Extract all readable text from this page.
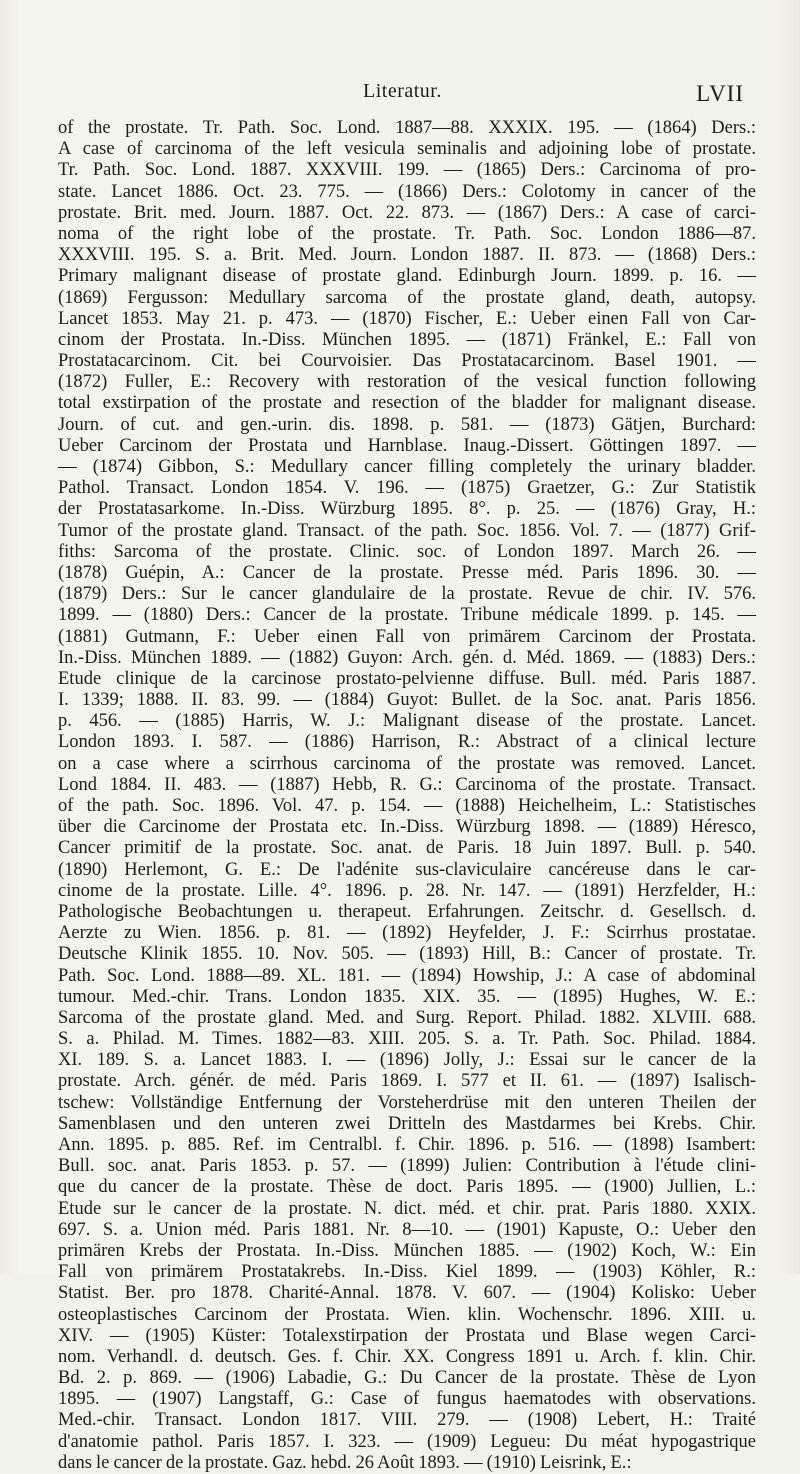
Literatur.	LVII
of the prostate. Tr. Path. Soc. Lond. 1887—88. XXXIX. 195. — (1864) Ders.:
A case of carcinoma of the left vesicula seminalis and adjoining lobe of prostate.
Tr. Path. Soc. Lond. 1887. XXXVIII. 199. — (1865) Ders.: Carcinoma of pro-
state. Lancet 1886. Oct. 23. 775. — (1866) Ders.: Colotomy in cancer of the
prostate. Brit. med. Journ. 1887. Oct. 22. 873. — (1867) Ders.: A case of carci-
noma of the right lobe of the prostate. Tr. Path. Soc. London 1886—87.
XXXVIII. 195. S. a. Brit. Med. Journ. London 1887. II. 873. — (1868) Ders.:
Primary malignant disease of prostate gland. Edinburgh Journ. 1899. p. 16. —
(1869) Fergusson: Medullary sarcoma of the prostate gland, death, autopsy.
Lancet 1853. May 21. p. 473. — (1870) Fischer, E.: Ueber einen Fall von Car-
cinom der Prostata. In.-Diss. München 1895. — (1871) Fränkel, E.: Fall von
Prostatacarcinom. Cit. bei Courvoisier. Das Prostatacarcinom. Basel 1901. —
(1872) Fuller, E.: Recovery with restoration of the vesical function following
total exstirpation of the prostate and resection of the bladder for malignant disease.
Journ. of cut. and gen.-urin. dis. 1898. p. 581. — (1873) Gätjen, Burchard:
Ueber Carcinom der Prostata und Harnblase. Inaug.-Dissert. Göttingen 1897. —
— (1874) Gibbon, S.: Medullary cancer filling completely the urinary bladder.
Pathol. Transact. London 1854. V. 196. — (1875) Graetzer, G.: Zur Statistik
der Prostatasarkome. In.-Diss. Würzburg 1895. 8°. p. 25. — (1876) Gray, H.:
Tumor of the prostate gland. Transact. of the path. Soc. 1856. Vol. 7. — (1877) Grif-
fiths: Sarcoma of the prostate. Clinic. soc. of London 1897. March 26. —
(1878) Guépin, A.: Cancer de la prostate. Presse méd. Paris 1896. 30. —
(1879) Ders.: Sur le cancer glandulaire de la prostate. Revue de chir. IV. 576.
1899. — (1880) Ders.: Cancer de la prostate. Tribune médicale 1899. p. 145. —
(1881) Gutmann, F.: Ueber einen Fall von primärem Carcinom der Prostata.
In.-Diss. München 1889. — (1882) Guyon: Arch. gén. d. Méd. 1869. — (1883) Ders.:
Etude clinique de la carcinose prostato-pelvienne diffuse. Bull. méd. Paris 1887.
I. 1339; 1888. II. 83. 99. — (1884) Guyot: Bullet. de la Soc. anat. Paris 1856.
p. 456. — (1885) Harris, W. J.: Malignant disease of the prostate. Lancet.
London 1893. I. 587. — (1886) Harrison, R.: Abstract of a clinical lecture
on a case where a scirrhous carcinoma of the prostate was removed. Lancet.
Lond 1884. II. 483. — (1887) Hebb, R. G.: Carcinoma of the prostate. Transact.
of the path. Soc. 1896. Vol. 47. p. 154. — (1888) Heichelheim, L.: Statistisches
über die Carcinome der Prostata etc. In.-Diss. Würzburg 1898. — (1889) Héresco,
Cancer primitif de la prostate. Soc. anat. de Paris. 18 Juin 1897. Bull. p. 540.
(1890) Herlemont, G. E.: De l'adénite sus-claviculaire cancéreuse dans le car-
cinome de la prostate. Lille. 4°. 1896. p. 28. Nr. 147. — (1891) Herzfelder, H.:
Pathologische Beobachtungen u. therapeut. Erfahrungen. Zeitschr. d. Gesellsch. d.
Aerzte zu Wien. 1856. p. 81. — (1892) Heyfelder, J. F.: Scirrhus prostatae.
Deutsche Klinik 1855. 10. Nov. 505. — (1893) Hill, B.: Cancer of prostate. Tr.
Path. Soc. Lond. 1888—89. XL. 181. — (1894) Howship, J.: A case of abdominal
tumour. Med.-chir. Trans. London 1835. XIX. 35. — (1895) Hughes, W. E.:
Sarcoma of the prostate gland. Med. and Surg. Report. Philad. 1882. XLVIII. 688.
S. a. Philad. M. Times. 1882—83. XIII. 205. S. a. Tr. Path. Soc. Philad. 1884.
XI. 189. S. a. Lancet 1883. I. — (1896) Jolly, J.: Essai sur le cancer de la
prostate. Arch. génér. de méd. Paris 1869. I. 577 et II. 61. — (1897) Isalisch-
tschew: Vollständige Entfernung der Vorsteherdrüse mit den unteren Theilen der
Samenblasen und den unteren zwei Dritteln des Mastdarmes bei Krebs. Chir.
Ann. 1895. p. 885. Ref. im Centralbl. f. Chir. 1896. p. 516. — (1898) Isambert:
Bull. soc. anat. Paris 1853. p. 57. — (1899) Julien: Contribution à l'étude clini-
que du cancer de la prostate. Thèse de doct. Paris 1895. — (1900) Jullien, L.:
Etude sur le cancer de la prostate. N. dict. méd. et chir. prat. Paris 1880. XXIX.
697. S. a. Union méd. Paris 1881. Nr. 8—10. — (1901) Kapuste, O.: Ueber den
primären Krebs der Prostata. In.-Diss. München 1885. — (1902) Koch, W.: Ein
Fall von primärem Prostatakrebs. In.-Diss. Kiel 1899. — (1903) Köhler, R.:
Statist. Ber. pro 1878. Charité-Annal. 1878. V. 607. — (1904) Kolisko: Ueber
osteoplastisches Carcinom der Prostata. Wien. klin. Wochenschr. 1896. XIII. u.
XIV. — (1905) Küster: Totalexstirpation der Prostata und Blase wegen Carci-
nom. Verhandl. d. deutsch. Ges. f. Chir. XX. Congress 1891 u. Arch. f. klin. Chir.
Bd. 2. p. 869. — (1906) Labadie, G.: Du Cancer de la prostate. Thèse de Lyon
1895. — (1907) Langstaff, G.: Case of fungus haematodes with observations.
Med.-chir. Transact. London 1817. VIII. 279. — (1908) Lebert, H.: Traité
d'anatomie pathol. Paris 1857. I. 323. — (1909) Legueu: Du méat hypogastrique
dans le cancer de la prostate. Gaz. hebd. 26 Août 1893. — (1910) Leisrink, E.:
